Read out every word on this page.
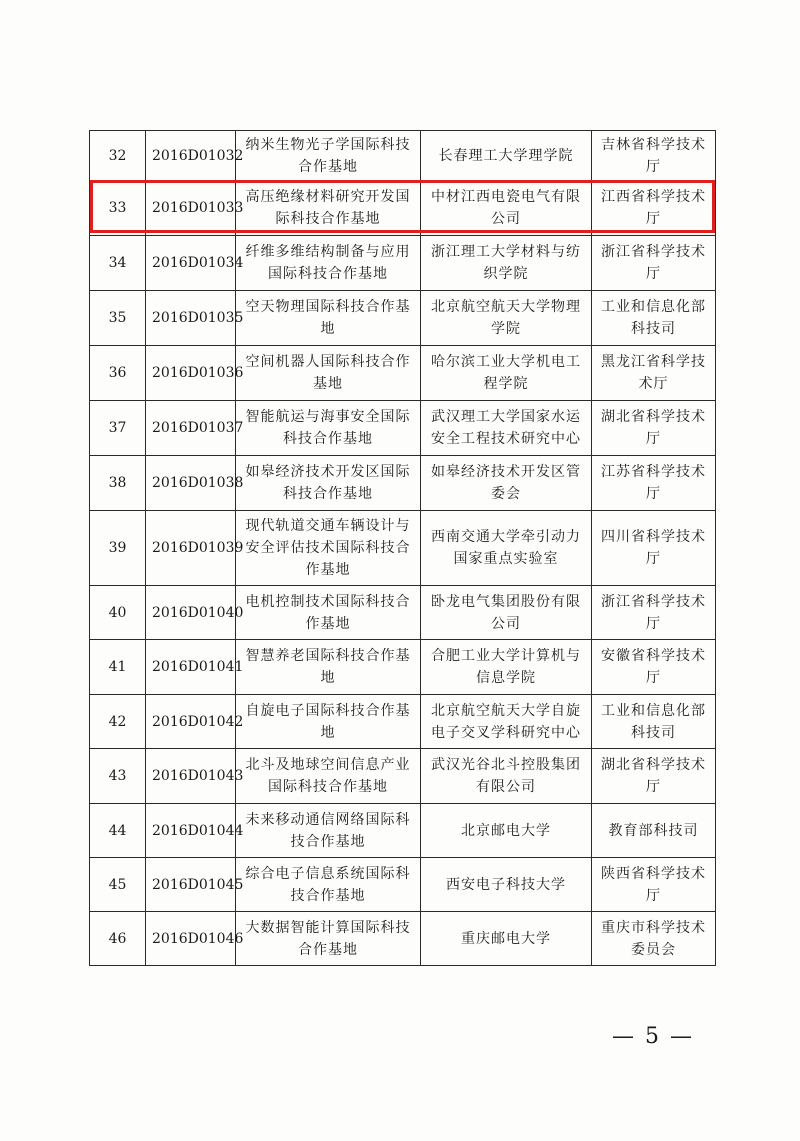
32	2016D01032	纳米生物光子学国际科技合作基地	长春理工大学理学院	吉林省科学技术厅
33	2016D01033	高压绝缘材料研究开发国际科技合作基地	中材江西电瓷电气有限公司	江西省科学技术厅
34	2016D01034	纤维多维结构制备与应用国际科技合作基地	浙江理工大学材料与纺织学院	浙江省科学技术厅
35	2016D01035	空天物理国际科技合作基地	北京航空航天大学物理学院	工业和信息化部科技司
36	2016D01036	空间机器人国际科技合作基地	哈尔滨工业大学机电工程学院	黑龙江省科学技术厅
37	2016D01037	智能航运与海事安全国际科技合作基地	武汉理工大学国家水运安全工程技术研究中心	湖北省科学技术厅
38	2016D01038	如皋经济技术开发区国际科技合作基地	如皋经济技术开发区管委会	江苏省科学技术厅
39	2016D01039	现代轨道交通车辆设计与安全评估技术国际科技合作基地	西南交通大学牵引动力国家重点实验室	四川省科学技术厅
40	2016D01040	电机控制技术国际科技合作基地	卧龙电气集团股份有限公司	浙江省科学技术厅
41	2016D01041	智慧养老国际科技合作基地	合肥工业大学计算机与信息学院	安徽省科学技术厅
42	2016D01042	自旋电子国际科技合作基地	北京航空航天大学自旋电子交叉学科研究中心	工业和信息化部科技司
43	2016D01043	北斗及地球空间信息产业国际科技合作基地	武汉光谷北斗控股集团有限公司	湖北省科学技术厅
44	2016D01044	未来移动通信网络国际科技合作基地	北京邮电大学	教育部科技司
45	2016D01045	综合电子信息系统国际科技合作基地	西安电子科技大学	陕西省科学技术厅
46	2016D01046	大数据智能计算国际科技合作基地	重庆邮电大学	重庆市科学技术委员会
— 5 —
